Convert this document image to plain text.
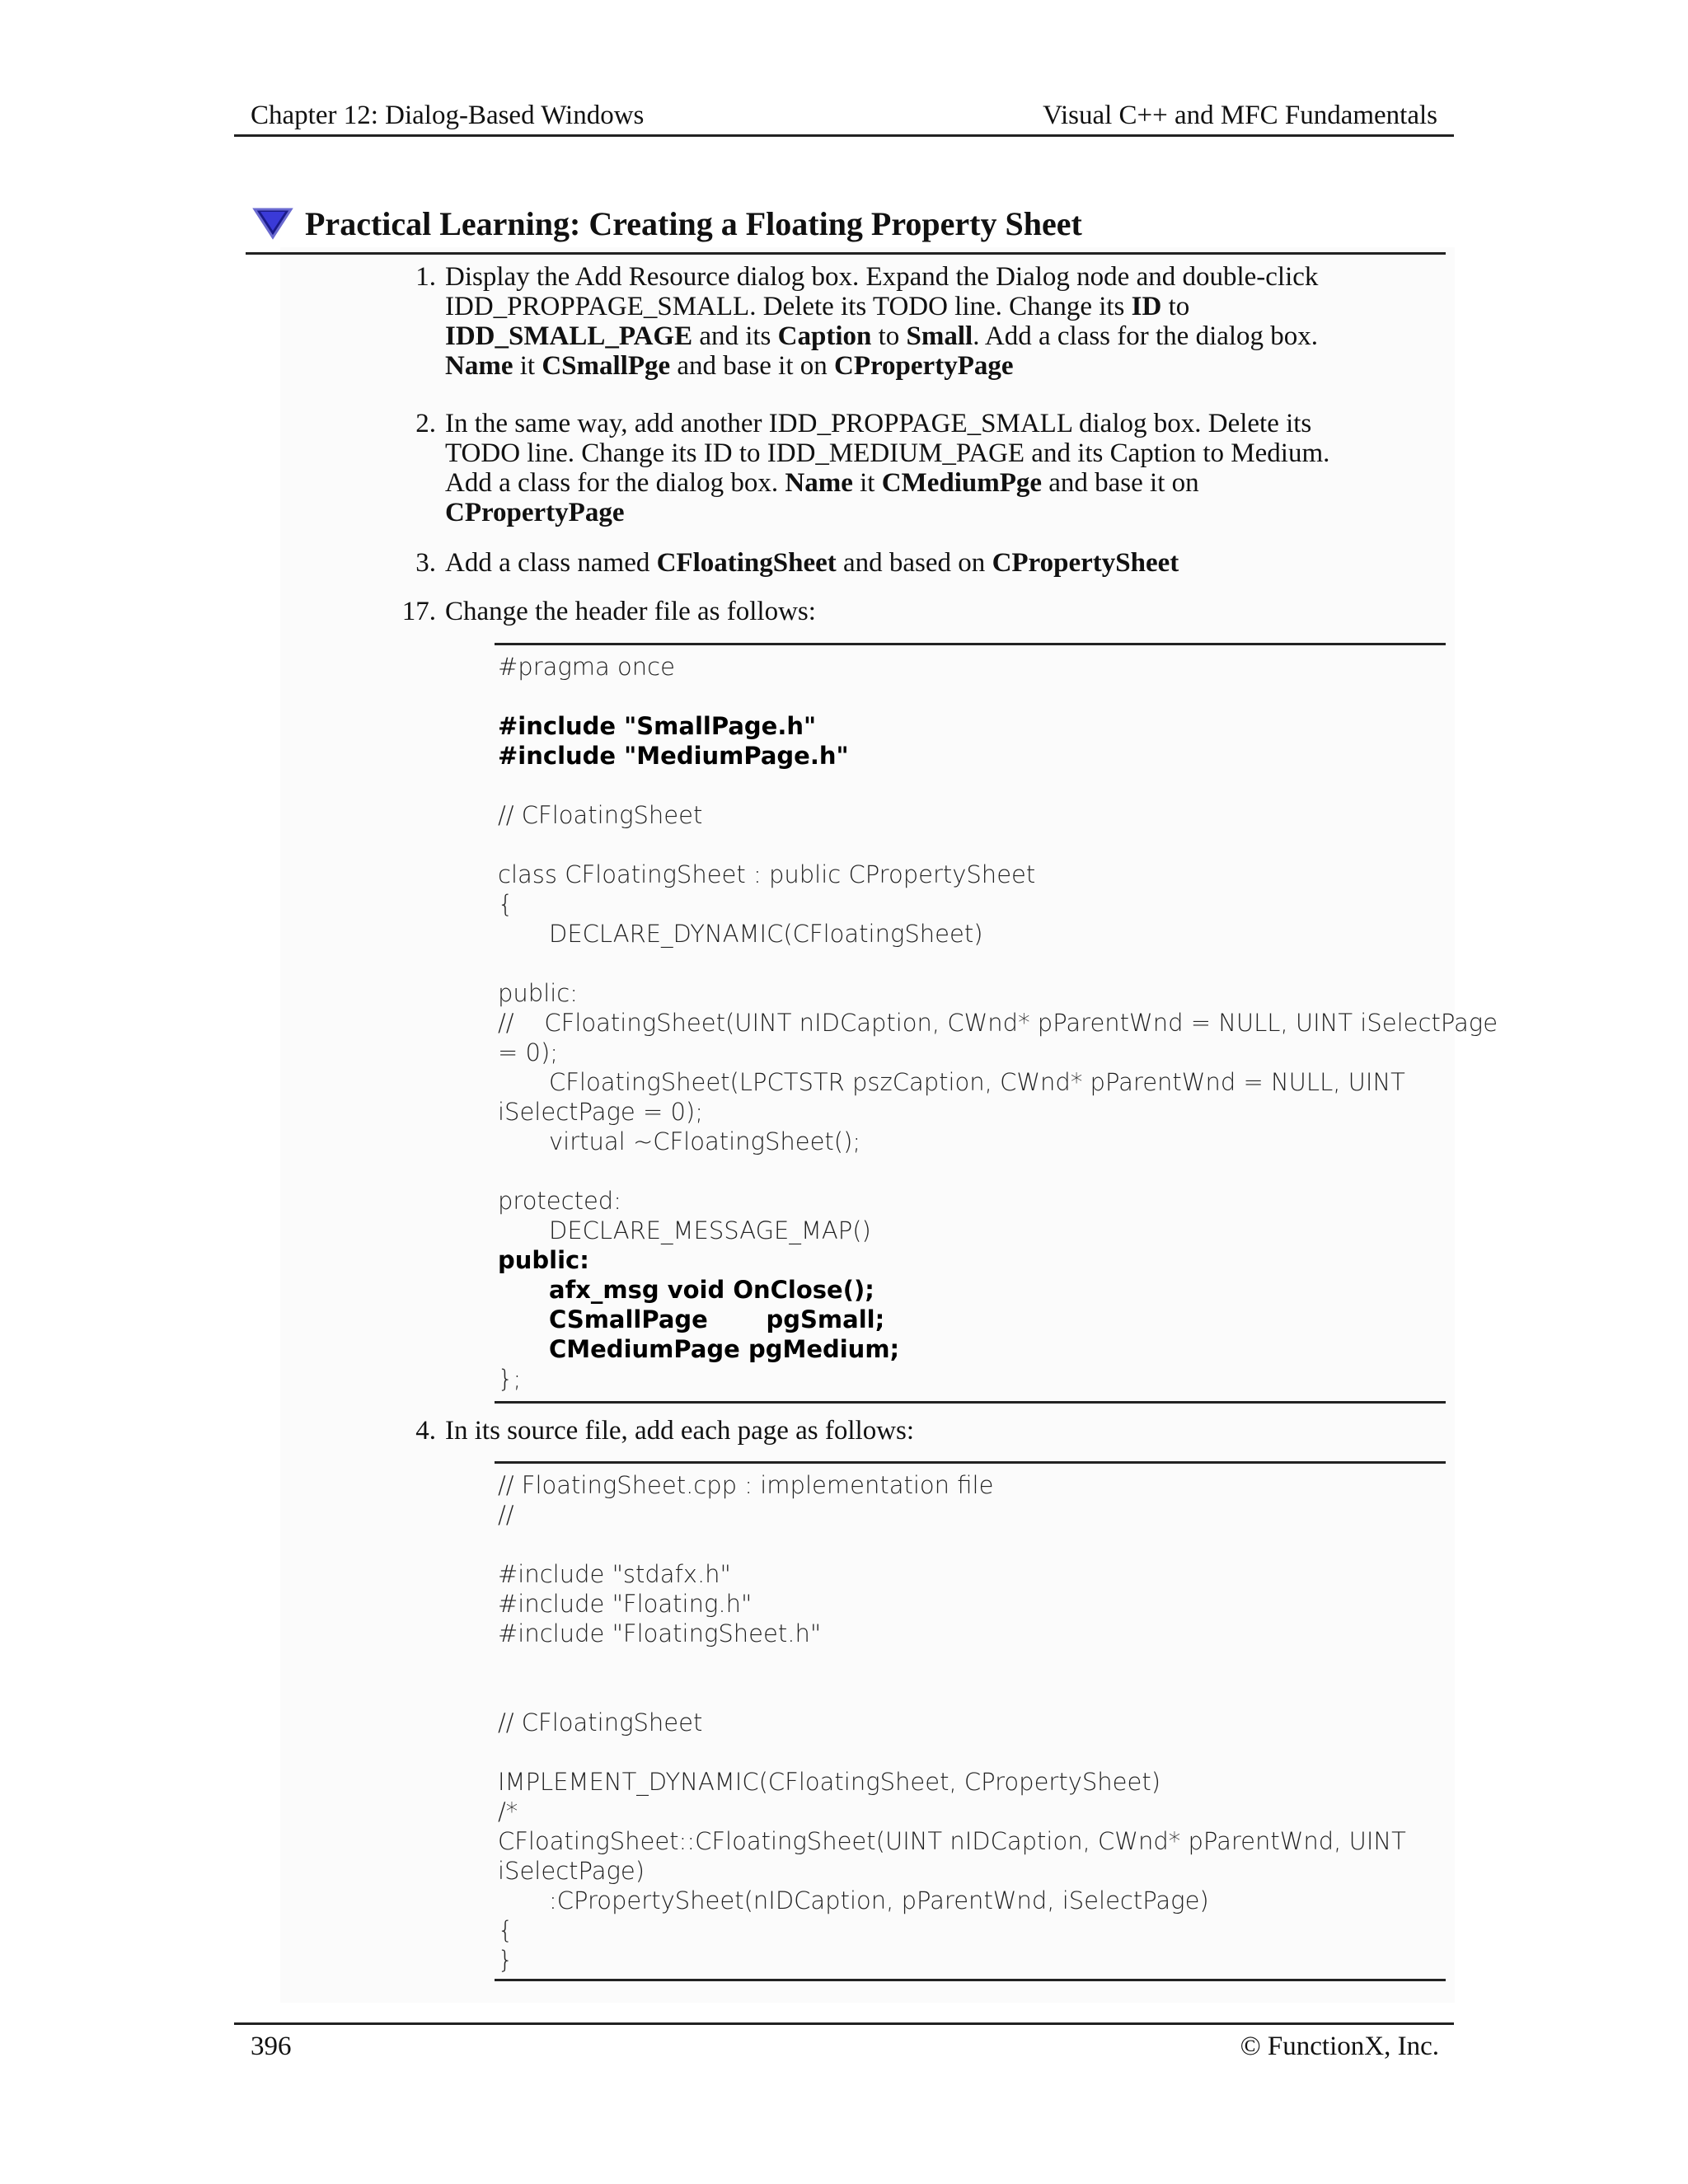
Chapter 12: Dialog-Based Windows	Visual C++ and MFC Fundamentals
Practical Learning: Creating a Floating Property Sheet
1. Display the Add Resource dialog box. Expand the Dialog node and double-click
IDD_PROPPAGE_SMALL. Delete its TODO line. Change its ID to
IDD_SMALL_PAGE and its Caption to Small. Add a class for the dialog box.
Name it CSmallPge and base it on CPropertyPage
2. In the same way, add another IDD_PROPPAGE_SMALL dialog box. Delete its
TODO line. Change its ID to IDD_MEDIUM_PAGE and its Caption to Medium.
Add a class for the dialog box. Name it CMediumPge and base it on
CPropertyPage
3. Add a class named CFloatingSheet and based on CPropertySheet
17. Change the header file as follows:
#pragma once
#include "SmallPage.h"
#include "MediumPage.h"
// CFloatingSheet
class CFloatingSheet : public CPropertySheet
{
DECLARE_DYNAMIC(CFloatingSheet)
public:
//    CFloatingSheet(UINT nIDCaption, CWnd* pParentWnd = NULL, UINT iSelectPage
= 0);
CFloatingSheet(LPCTSTR pszCaption, CWnd* pParentWnd = NULL, UINT
iSelectPage = 0);
virtual ~CFloatingSheet();
protected:
DECLARE_MESSAGE_MAP()
public:
afx_msg void OnClose();
CSmallPage       pgSmall;
CMediumPage pgMedium;
};
4. In its source file, add each page as follows:
// FloatingSheet.cpp : implementation file
//
#include "stdafx.h"
#include "Floating.h"
#include "FloatingSheet.h"
// CFloatingSheet
IMPLEMENT_DYNAMIC(CFloatingSheet, CPropertySheet)
/*
CFloatingSheet::CFloatingSheet(UINT nIDCaption, CWnd* pParentWnd, UINT
iSelectPage)
:CPropertySheet(nIDCaption, pParentWnd, iSelectPage)
{
}
396	© FunctionX, Inc.
